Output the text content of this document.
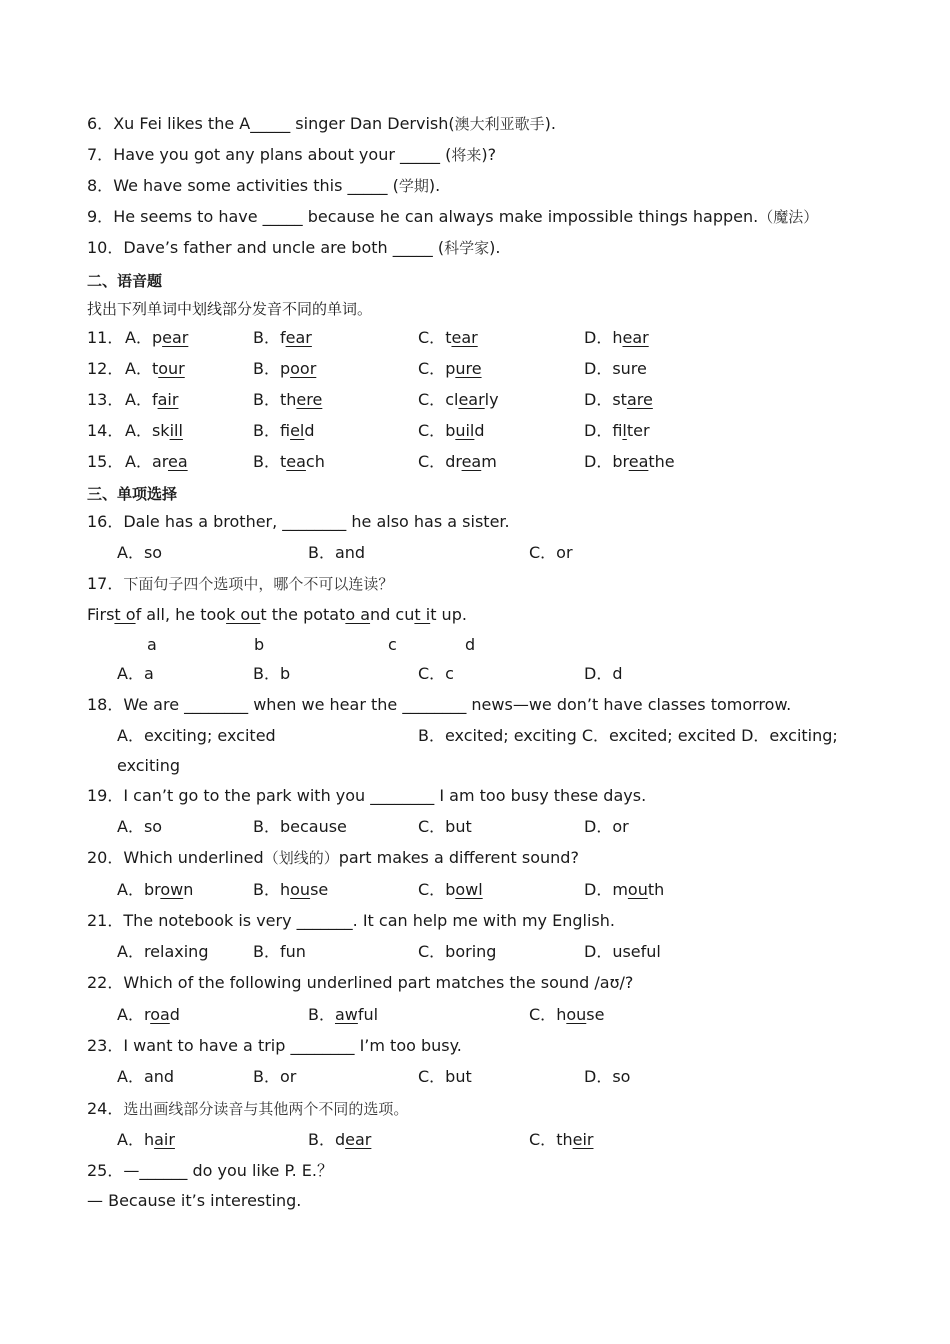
6．Xu Fei likes the A_____ singer Dan Dervish(澳大利亚歌手).
7．Have you got any plans about your _____ (将来)?
8．We have some activities this _____ (学期).
9．He seems to have _____ because he can always make impossible things happen.（魔法）
10．Dave’s father and uncle are both _____ (科学家).
二、语音题
找出下列单词中划线部分发音不同的单词。
11． A．pear	B．fear	C．tear	D．hear
12． A．tour	B．poor	C．pure	D．sure
13． A．fair	B．there	C．clearly	D．stare
14． A．skill	B．field	C．build	D．filter
15． A．area	B．teach	C．dream	D．breathe
三、单项选择
16．Dale has a brother, ________ he also has a sister.
A．so	B．and	C．or
17．下面句子四个选项中，哪个不可以连读？
First of all, he took out the potato and cut it up.
a	b	c	d
A．a	B．b	C．c	D．d
18．We are ________ when we hear the ________ news—we don’t have classes tomorrow.
A．exciting; excited	B．excited; exciting C．excited; excited D．exciting;
exciting
19．I can’t go to the park with you ________ I am too busy these days.
A．so	B．because	C．but	D．or
20．Which underlined（划线的）part makes a different sound?
A．brown	B．house	C．bowl	D．mouth
21．The notebook is very _______. It can help me with my English.
A．relaxing	B．fun	C．boring	D．useful
22．Which of the following underlined part matches the sound /aʊ/?
A．road	B．awful	C．house
23．I want to have a trip ________ I’m too busy.
A．and	B．or	C．but	D．so
24．选出画线部分读音与其他两个不同的选项。
A．hair	B．dear	C．their
25．—______ do you like P. E.？
— Because it’s interesting.
